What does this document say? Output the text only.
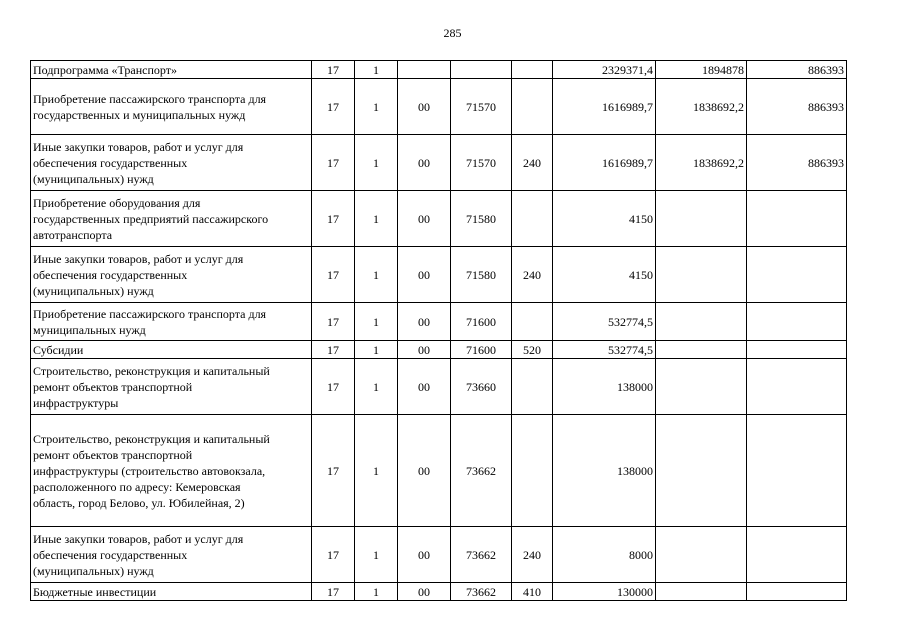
285
Подпрограмма «Транспорт»	17	1				2329371,4	1894878	886393

Приобретение пассажирского транспорта для
государственных и муниципальных нужд	17	1	00	71570		1616989,7	1838692,2	886393

Иные закупки товаров, работ и услуг для
обеспечения государственных
(муниципальных) нужд	17	1	00	71570	240	1616989,7	1838692,2	886393

Приобретение оборудования для
государственных предприятий пассажирского
автотранспорта	17	1	00	71580		4150		

Иные закупки товаров, работ и услуг для
обеспечения государственных
(муниципальных) нужд	17	1	00	71580	240	4150		

Приобретение пассажирского транспорта для
муниципальных нужд	17	1	00	71600		532774,5		

Субсидии	17	1	00	71600	520	532774,5		

Строительство, реконструкция и капитальный
ремонт объектов транспортной
инфраструктуры	17	1	00	73660		138000		

Строительство, реконструкция и капитальный
ремонт объектов транспортной
инфраструктуры (строительство автовокзала,
расположенного по адресу: Кемеровская
область, город Белово, ул. Юбилейная, 2)	17	1	00	73662		138000		

Иные закупки товаров, работ и услуг для
обеспечения государственных
(муниципальных) нужд	17	1	00	73662	240	8000		

Бюджетные инвестиции	17	1	00	73662	410	130000		
